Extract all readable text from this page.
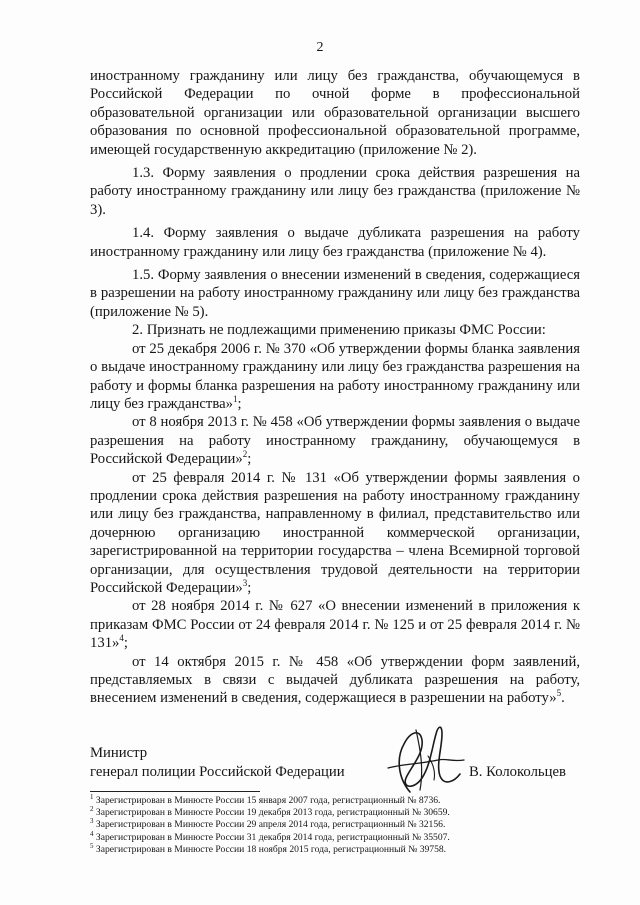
2

иностранному гражданину или лицу без гражданства, обучающемуся в Российской Федерации по очной форме в профессиональной образовательной организации или образовательной организации высшего образования по основной профессиональной образовательной программе, имеющей государственную аккредитацию (приложение № 2).

1.3. Форму заявления о продлении срока действия разрешения на работу иностранному гражданину или лицу без гражданства (приложение № 3).

1.4. Форму заявления о выдаче дубликата разрешения на работу иностранному гражданину или лицу без гражданства (приложение № 4).

1.5. Форму заявления о внесении изменений в сведения, содержащиеся в разрешении на работу иностранному гражданину или лицу без гражданства (приложение № 5).

2. Признать не подлежащими применению приказы ФМС России:

от 25 декабря 2006 г. № 370 «Об утверждении формы бланка заявления о выдаче иностранному гражданину или лицу без гражданства разрешения на работу и формы бланка разрешения на работу иностранному гражданину или лицу без гражданства»$^1$;

от 8 ноября 2013 г. № 458 «Об утверждении формы заявления о выдаче разрешения на работу иностранному гражданину, обучающемуся в Российской Федерации»$^2$;

от 25 февраля 2014 г. № 131 «Об утверждении формы заявления о продлении срока действия разрешения на работу иностранному гражданину или лицу без гражданства, направленному в филиал, представительство или дочернюю организацию иностранной коммерческой организации, зарегистрированной на территории государства – члена Всемирной торговой организации, для осуществления трудовой деятельности на территории Российской Федерации»$^3$;

от 28 ноября 2014 г. № 627 «О внесении изменений в приложения к приказам ФМС России от 24 февраля 2014 г. № 125 и от 25 февраля 2014 г. № 131»$^4$;

от 14 октября 2015 г. № 458 «Об утверждении форм заявлений, представляемых в связи с выдачей дубликата разрешения на работу, внесением изменений в сведения, содержащиеся в разрешении на работу»$^5$.

Министр
генерал полиции Российской Федерации	В. Колокольцев
$^1$ Зарегистрирован в Минюсте России 15 января 2007 года, регистрационный № 8736.
$^2$ Зарегистрирован в Минюсте России 19 декабря 2013 года, регистрационный № 30659.
$^3$ Зарегистрирован в Минюсте России 29 апреля 2014 года, регистрационный № 32156.
$^4$ Зарегистрирован в Минюсте России 31 декабря 2014 года, регистрационный № 35507.
$^5$ Зарегистрирован в Минюсте России 18 ноября 2015 года, регистрационный № 39758.
